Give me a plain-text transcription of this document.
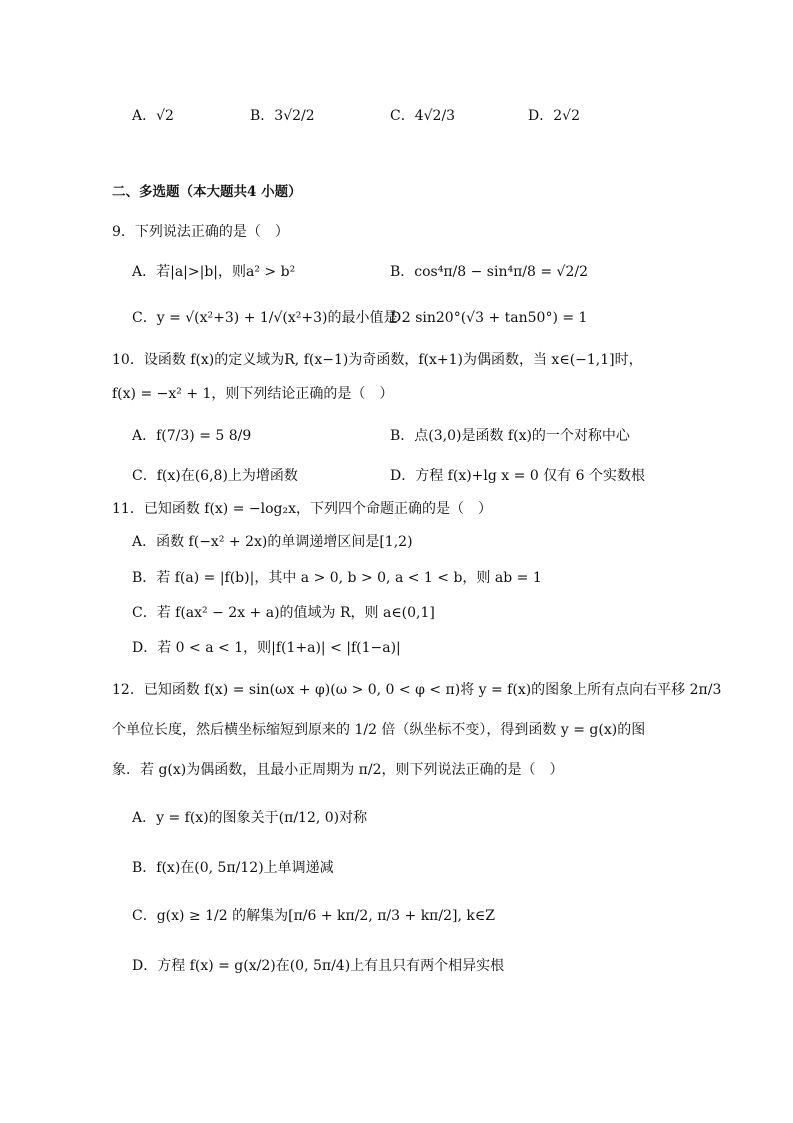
A．√2	B．3√2/2	C．4√2/3	D．2√2
二、多选题（本大题共4 小题）
9．下列说法正确的是（　）
A．若|a|>|b|，则a² > b²	B．cos⁴π/8 − sin⁴π/8 = √2/2
C．y = √(x²+3) + 1/√(x²+3)的最小值是 2
D．sin20°(√3 + tan50°) = 1
10．设函数 f(x)的定义域为R, f(x−1)为奇函数，f(x+1)为偶函数，当 x∈(−1,1]时，
f(x) = −x² + 1，则下列结论正确的是（　）
A．f(7/3) = 5 8/9	B．点(3,0)是函数 f(x)的一个对称中心
C．f(x)在(6,8)上为增函数	D．方程 f(x)+lg x = 0 仅有 6 个实数根
11．已知函数 f(x) = −log₂x，下列四个命题正确的是（　）
A．函数 f(−x² + 2x)的单调递增区间是[1,2)
B．若 f(a) = |f(b)|，其中 a > 0, b > 0, a < 1 < b，则 ab = 1
C．若 f(ax² − 2x + a)的值域为 R，则 a∈(0,1]
D．若 0 < a < 1，则|f(1+a)| < |f(1−a)|
12．已知函数 f(x) = sin(ωx + φ)(ω > 0, 0 < φ < π)将 y = f(x)的图象上所有点向右平移 2π/3
个单位长度，然后横坐标缩短到原来的 1/2 倍（纵坐标不变），得到函数 y = g(x)的图
象．若 g(x)为偶函数，且最小正周期为 π/2，则下列说法正确的是（　）
A．y = f(x)的图象关于(π/12, 0)对称
B．f(x)在(0, 5π/12)上单调递减
C．g(x) ≥ 1/2 的解集为[π/6 + kπ/2, π/3 + kπ/2], k∈Z
D．方程 f(x) = g(x/2)在(0, 5π/4)上有且只有两个相异实根
